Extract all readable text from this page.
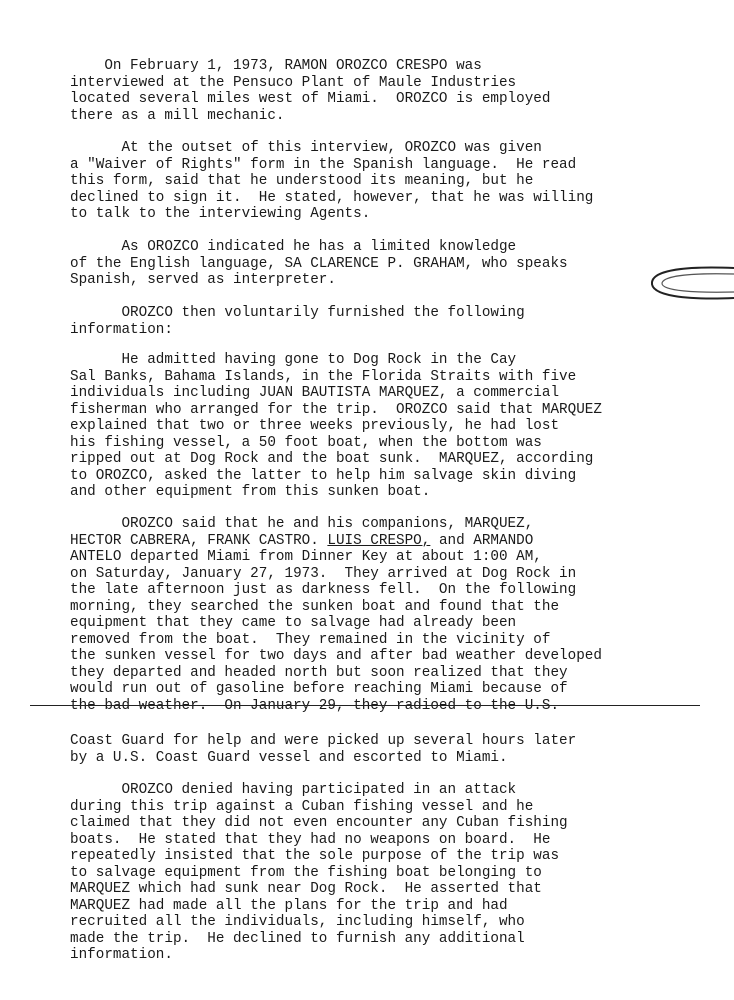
On February 1, 1973, RAMON OROZCO CRESPO was
interviewed at the Pensuco Plant of Maule Industries
located several miles west of Miami.  OROZCO is employed
there as a mill mechanic.
At the outset of this interview, OROZCO was given
a "Waiver of Rights" form in the Spanish language.  He read
this form, said that he understood its meaning, but he
declined to sign it.  He stated, however, that he was willing
to talk to the interviewing Agents.
As OROZCO indicated he has a limited knowledge
of the English language, SA CLARENCE P. GRAHAM, who speaks
Spanish, served as interpreter.
OROZCO then voluntarily furnished the following
information:
He admitted having gone to Dog Rock in the Cay
Sal Banks, Bahama Islands, in the Florida Straits with five
individuals including JUAN BAUTISTA MARQUEZ, a commercial
fisherman who arranged for the trip.  OROZCO said that MARQUEZ
explained that two or three weeks previously, he had lost
his fishing vessel, a 50 foot boat, when the bottom was
ripped out at Dog Rock and the boat sunk.  MARQUEZ, according
to OROZCO, asked the latter to help him salvage skin diving
and other equipment from this sunken boat.
OROZCO said that he and his companions, MARQUEZ,
HECTOR CABRERA, FRANK CASTRO. LUIS CRESPO, and ARMANDO
ANTELO departed Miami from Dinner Key at about 1:00 AM,
on Saturday, January 27, 1973.  They arrived at Dog Rock in
the late afternoon just as darkness fell.  On the following
morning, they searched the sunken boat and found that the
equipment that they came to salvage had already been
removed from the boat.  They remained in the vicinity of
the sunken vessel for two days and after bad weather developed
they departed and headed north but soon realized that they
would run out of gasoline before reaching Miami because of
the bad weather.  On January 29, they radioed to the U.S.
Coast Guard for help and were picked up several hours later
by a U.S. Coast Guard vessel and escorted to Miami.
OROZCO denied having participated in an attack
during this trip against a Cuban fishing vessel and he
claimed that they did not even encounter any Cuban fishing
boats.  He stated that they had no weapons on board.  He
repeatedly insisted that the sole purpose of the trip was
to salvage equipment from the fishing boat belonging to
MARQUEZ which had sunk near Dog Rock.  He asserted that
MARQUEZ had made all the plans for the trip and had
recruited all the individuals, including himself, who
made the trip.  He declined to furnish any additional
information.
